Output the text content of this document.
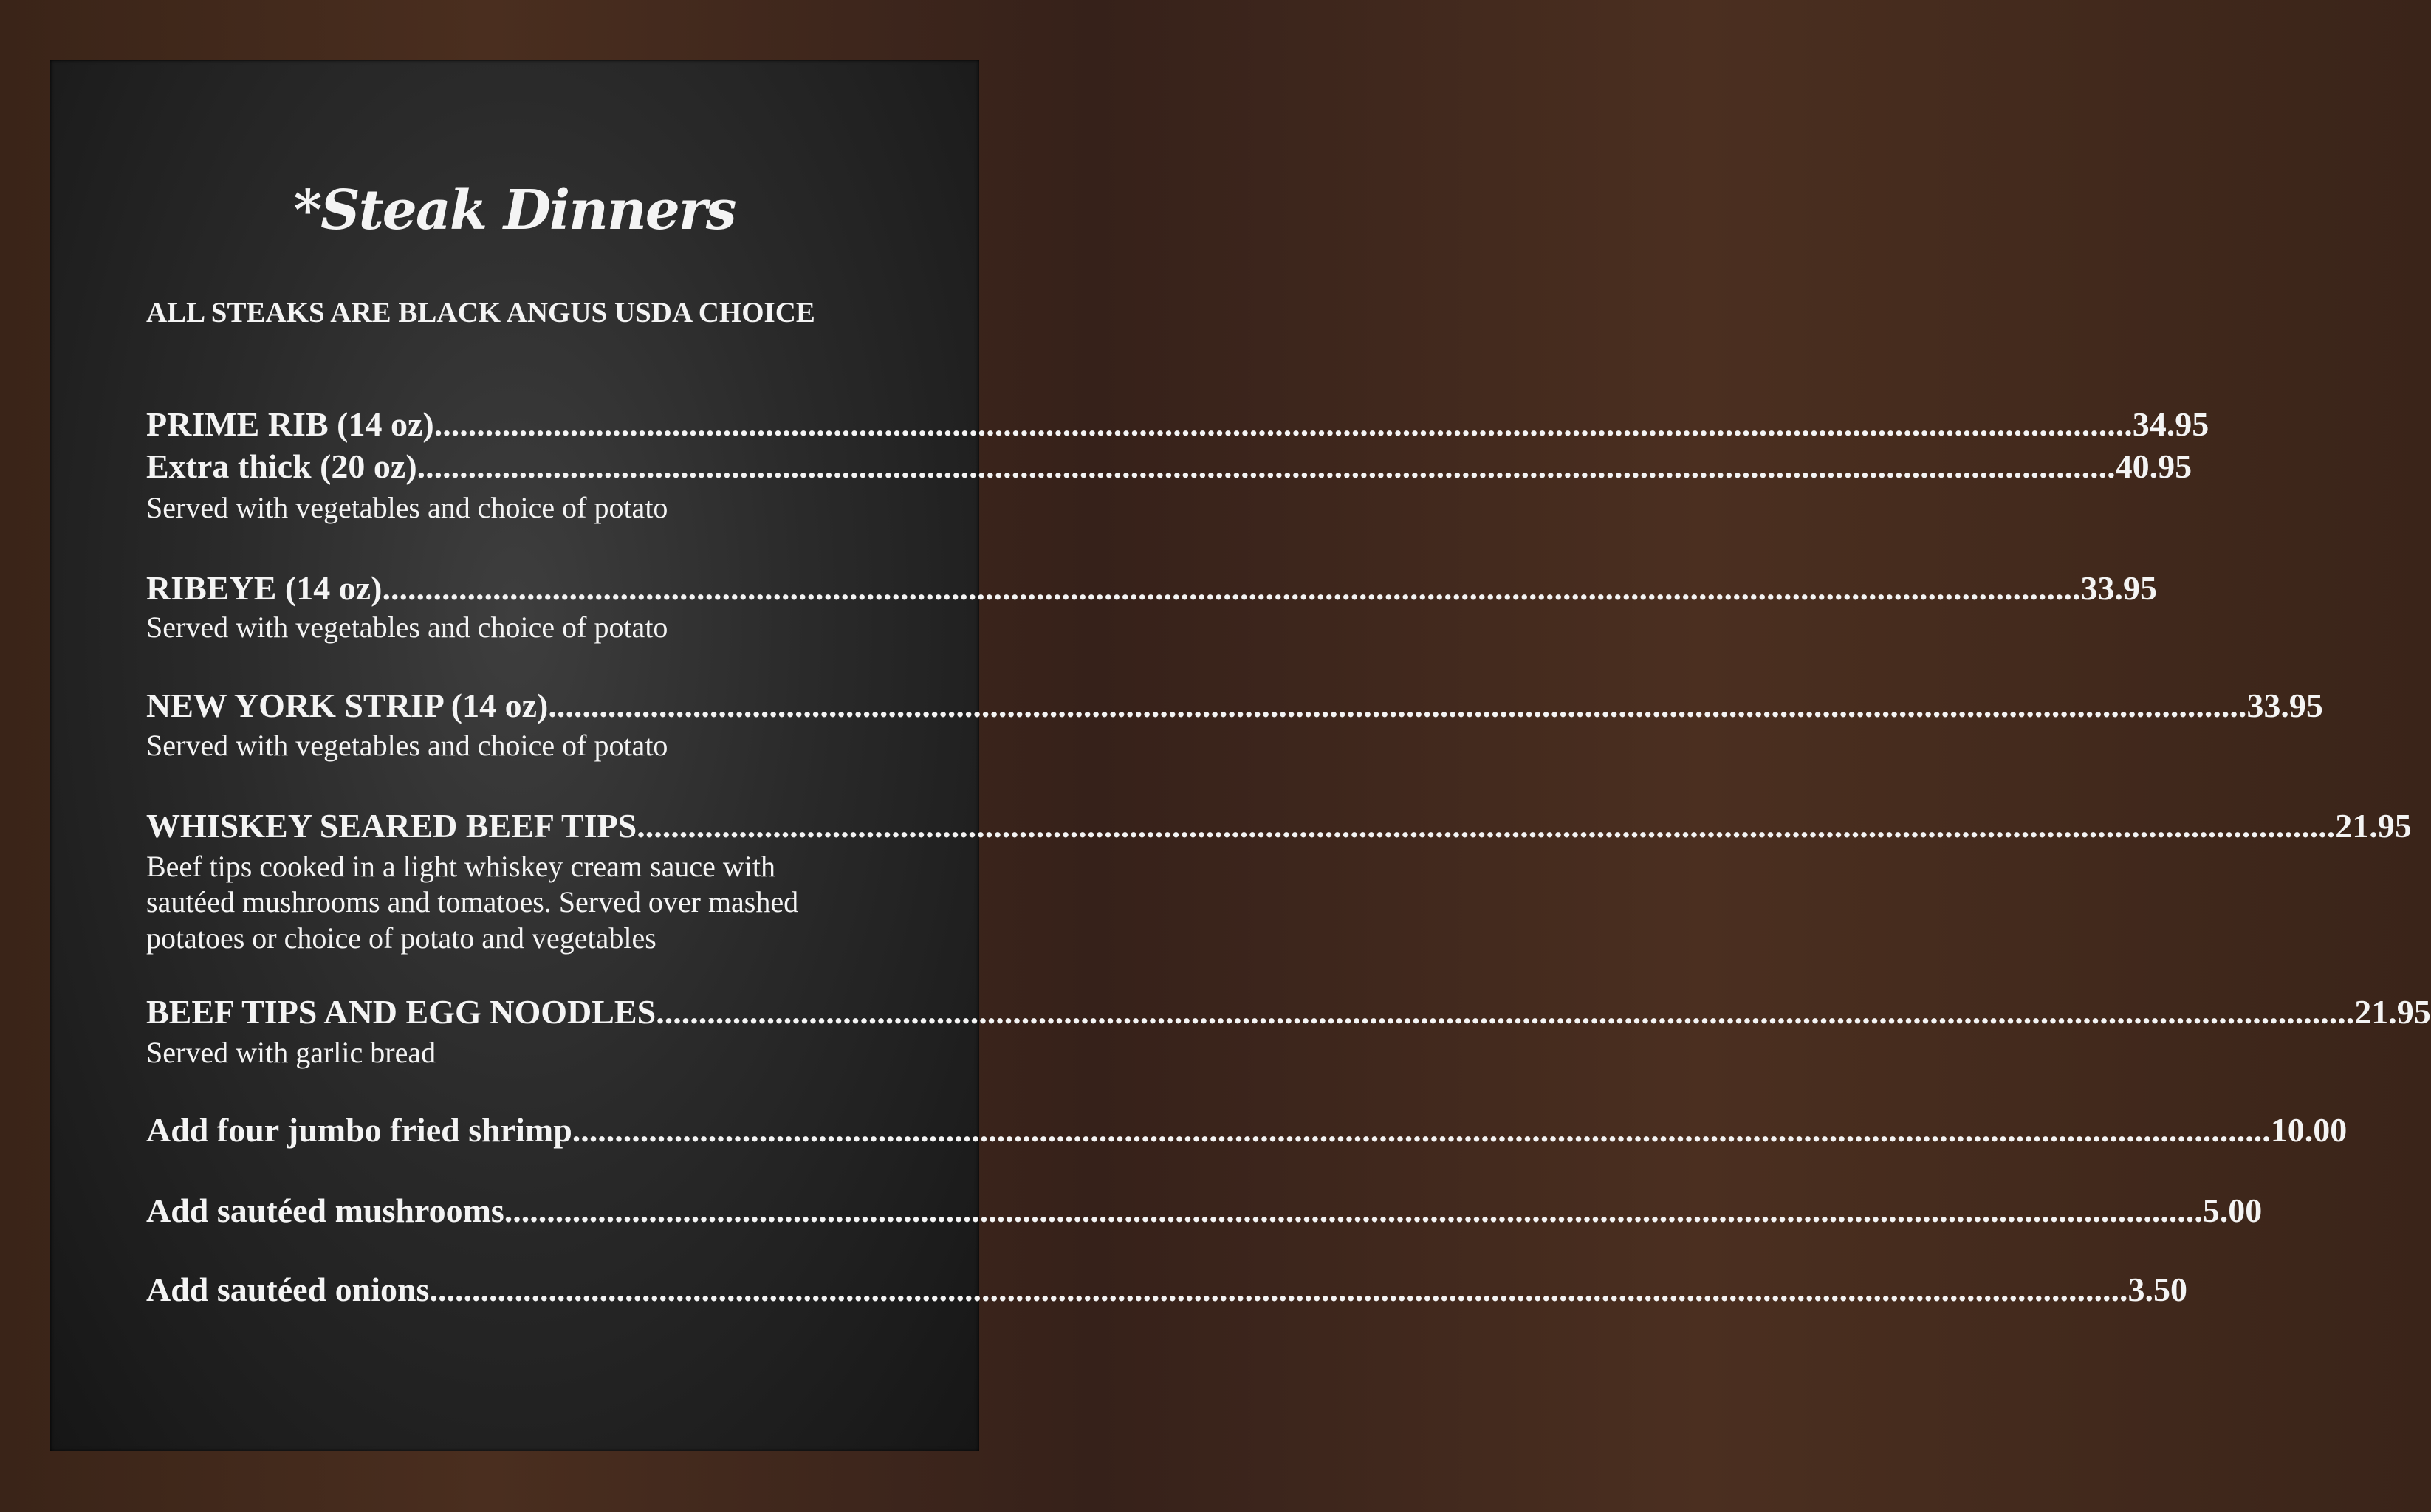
*Steak Dinners
ALL STEAKS ARE BLACK ANGUS USDA CHOICE
PRIME RIB (14 oz) ........................................................................................................................................................................................................ 34.95
Extra thick (20 oz) ........................................................................................................................................................................................................ 40.95
Served with vegetables and choice of potato
RIBEYE (14 oz) ........................................................................................................................................................................................................ 33.95
Served with vegetables and choice of potato
NEW YORK STRIP (14 oz) ........................................................................................................................................................................................................ 33.95
Served with vegetables and choice of potato
WHISKEY SEARED BEEF TIPS ........................................................................................................................................................................................................ 21.95
Beef tips cooked in a light whiskey cream sauce with
sautéed mushrooms and tomatoes. Served over mashed
potatoes or choice of potato and vegetables
BEEF TIPS AND EGG NOODLES ........................................................................................................................................................................................................ 21.95
Served with garlic bread
Add four jumbo fried shrimp ........................................................................................................................................................................................................ 10.00
Add sautéed mushrooms ........................................................................................................................................................................................................ 5.00
Add sautéed onions ........................................................................................................................................................................................................ 3.50
